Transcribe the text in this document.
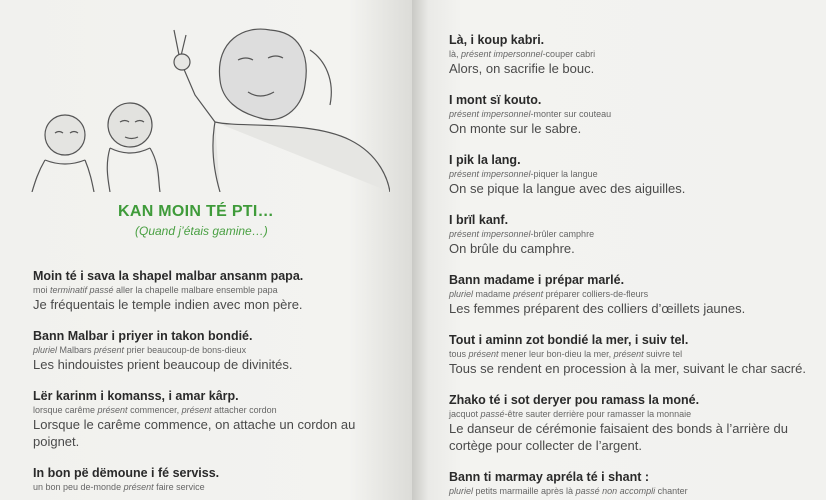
KAN MOIN TÉ PTI…
(Quand j’étais gamine…)
Moin té i sava la shapel malbar ansanm papa.
moi terminatif passé aller la chapelle malbare ensemble papa
Je fréquentais le temple indien avec mon père.
Bann Malbar i priyer in takon bondié.
pluriel Malbars présent prier beaucoup-de bons-dieux
Les hindouistes prient beaucoup de divinités.
Lër karinm i komanss, i amar kârp.
lorsque carême présent commencer, présent attacher cordon
Lorsque le carême commence, on attache un cordon au poignet.
In bon pë dëmoune i fé serviss.
un bon peu de-monde présent faire service
Là, i koup kabri.
là, présent impersonnel-couper cabri
Alors, on sacrifie le bouc.
I mont sï kouto.
présent impersonnel-monter sur couteau
On monte sur le sabre.
I pik la lang.
présent impersonnel-piquer la langue
On se pique la langue avec des aiguilles.
I brïl kanf.
présent impersonnel-brûler camphre
On brûle du camphre.
Bann madame i prépar marlé.
pluriel madame présent préparer colliers-de-fleurs
Les femmes préparent des colliers d’œillets jaunes.
Tout i aminn zot bondié la mer, i suiv tel.
tous présent mener leur bon-dieu la mer, présent suivre tel
Tous se rendent en procession à la mer, suivant le char sacré.
Zhako té i sot deryer pou ramass la moné.
jacquot passé-être sauter derrière pour ramasser la monnaie
Le danseur de cérémonie faisaient des bonds à l’arrière du cortège pour collecter de l’argent.
Bann ti marmay apréla té i shant :
pluriel petits marmaille après là passé non accompli chanter
